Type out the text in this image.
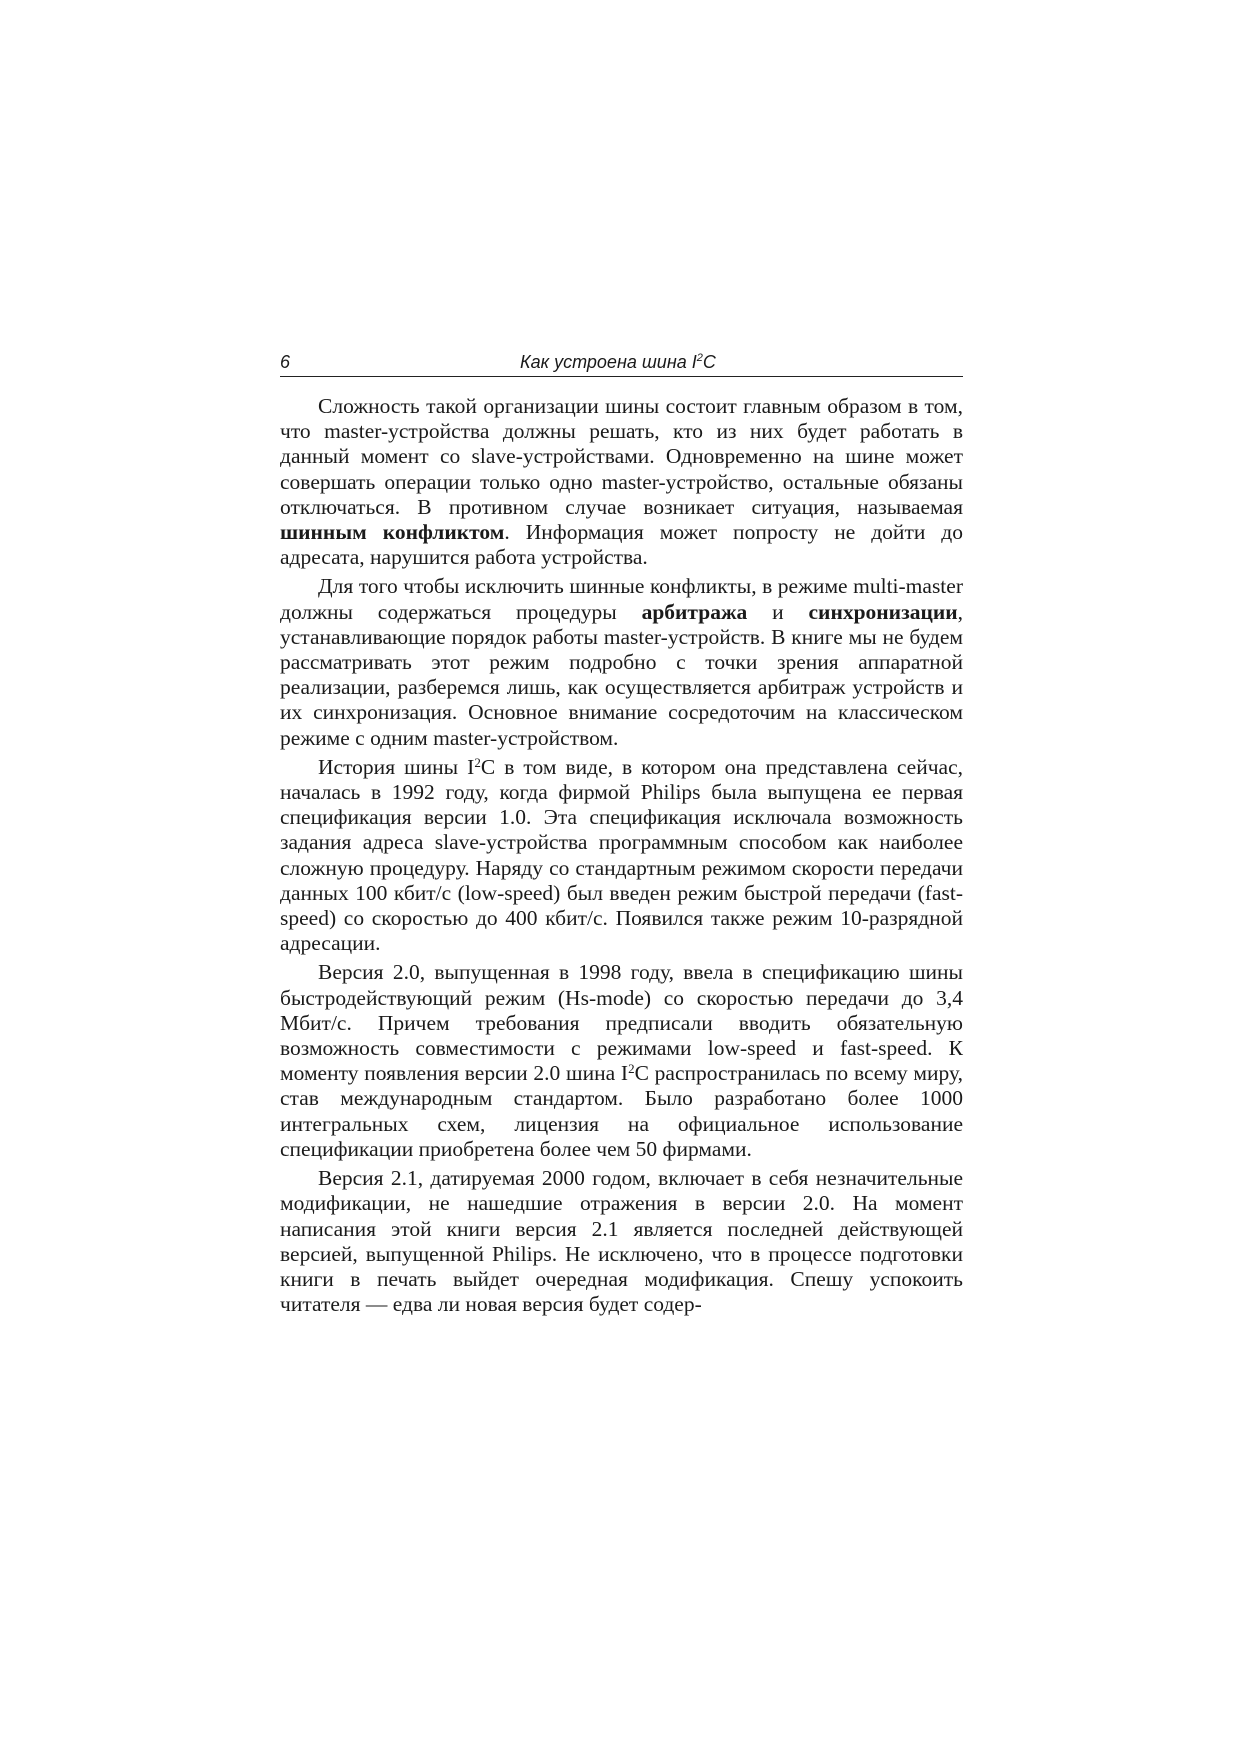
6	Как устроена шина $I^2C$

Сложность такой организации шины состоит главным образом в том, что master-устройства должны решать, кто из них будет работать в данный момент со slave-устройствами. Одновременно на шине может совершать операции только одно master-устройство, остальные обязаны отключаться. В противном случае возникает ситуация, называемая шинным конфликтом. Информация может попросту не дойти до адресата, нарушится работа устройства.

Для того чтобы исключить шинные конфликты, в режиме multi-master должны содержаться процедуры арбитража и синхронизации, устанавливающие порядок работы master-устройств. В книге мы не будем рассматривать этот режим подробно с точки зрения аппаратной реализации, разберемся лишь, как осуществляется арбитраж устройств и их синхронизация. Основное внимание сосредоточим на классическом режиме с одним master-устройством.

История шины $I^2C$ в том виде, в котором она представлена сейчас, началась в 1992 году, когда фирмой Philips была выпущена ее первая спецификация версии 1.0. Эта спецификация исключала возможность задания адреса slave-устройства программным способом как наиболее сложную процедуру. Наряду со стандартным режимом скорости передачи данных 100 кбит/с (low-speed) был введен режим быстрой передачи (fast-speed) со скоростью до 400 кбит/с. Появился также режим 10-разрядной адресации.

Версия 2.0, выпущенная в 1998 году, ввела в спецификацию шины быстродействующий режим (Hs-mode) со скоростью передачи до 3,4 Мбит/с. Причем требования предписали вводить обязательную возможность совместимости с режимами low-speed и fast-speed. К моменту появления версии 2.0 шина $I^2C$ распространилась по всему миру, став международным стандартом. Было разработано более 1000 интегральных схем, лицензия на официальное использование спецификации приобретена более чем 50 фирмами.

Версия 2.1, датируемая 2000 годом, включает в себя незначительные модификации, не нашедшие отражения в версии 2.0. На момент написания этой книги версия 2.1 является последней действующей версией, выпущенной Philips. Не исключено, что в процессе подготовки книги в печать выйдет очередная модификация. Спешу успокоить читателя — едва ли новая версия будет содер-
